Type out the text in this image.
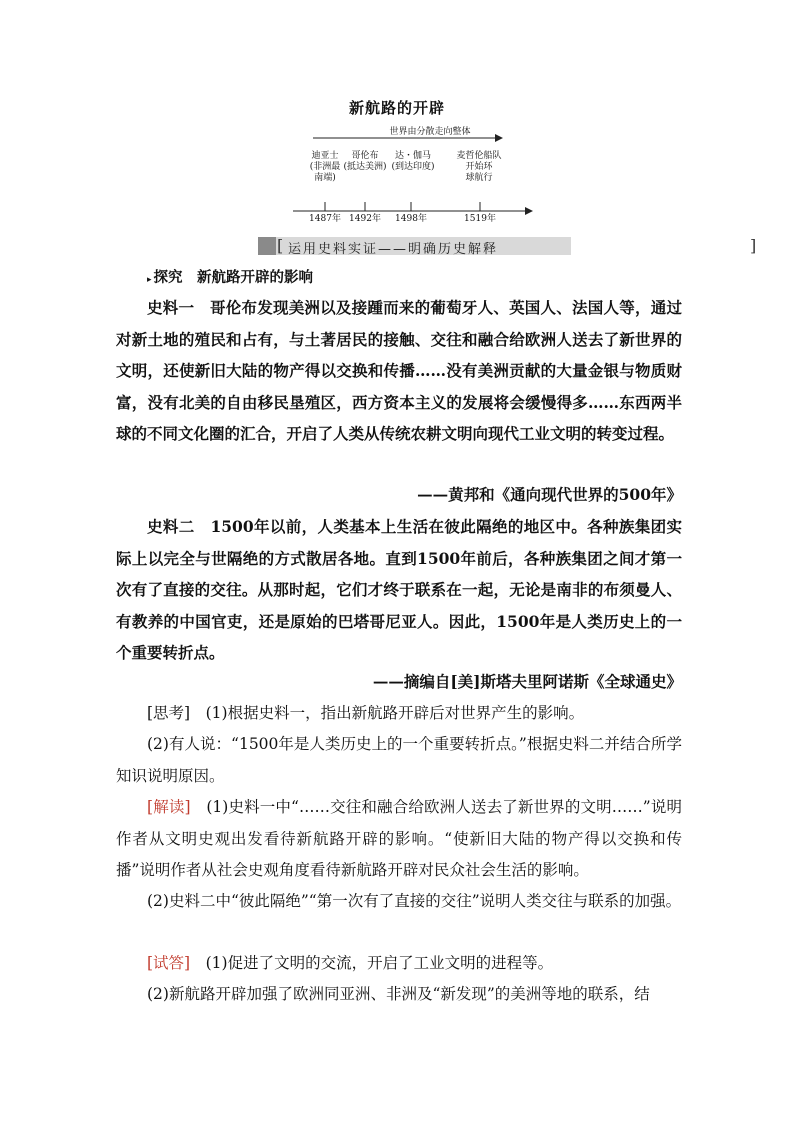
新航路的开辟
世界由分散走向整体
迪亚士
(非洲最
南端)
哥伦布
(抵达美洲)
达・伽马
(到达印度)
麦哲伦船队
开始环
球航行
1487年 1492年 1498年	1519年
[ 运用史料实证——明确历史解释	]
▸ 探究　新航路开辟的影响
史料一　 哥伦布发现美洲以及接踵而来的葡萄牙人、英国人、法国人等，通过对新土地的殖民和占有，与土著居民的接触、交往和融合给欧洲人送去了新世界的文明，还使新旧大陆的物产得以交换和传播……没有美洲贡献的大量金银与物质财富，没有北美的自由移民垦殖区，西方资本主义的发展将会缓慢得多……东西两半球的不同文化圈的汇合，开启了人类从传统农耕文明向现代工业文明的转变过程。
——黄邦和《通向现代世界的500年》
史料二　 1500年以前，人类基本上生活在彼此隔绝的地区中。各种族集团实际上以完全与世隔绝的方式散居各地。直到1500年前后，各种族集团之间才第一次有了直接的交往。从那时起，它们才终于联系在一起，无论是南非的布须曼人、有教养的中国官吏，还是原始的巴塔哥尼亚人。因此，1500年是人类历史上的一个重要转折点。
——摘编自[美]斯塔夫里阿诺斯《全球通史》
[思考]　 (1)根据史料一，指出新航路开辟后对世界产生的影响。
(2)有人说：“1500年是人类历史上的一个重要转折点。”根据史料二并结合所学知识说明原因。
[解读]　 (1)史料一中“……交往和融合给欧洲人送去了新世界的文明……”说明作者从文明史观出发看待新航路开辟的影响。“使新旧大陆的物产得以交换和传播”说明作者从社会史观角度看待新航路开辟对民众社会生活的影响。
(2)史料二中“彼此隔绝”“第一次有了直接的交往”说明人类交往与联系的加强。
[试答]　 (1)促进了文明的交流，开启了工业文明的进程等。
(2)新航路开辟加强了欧洲同亚洲、非洲及“新发现”的美洲等地的联系，结
